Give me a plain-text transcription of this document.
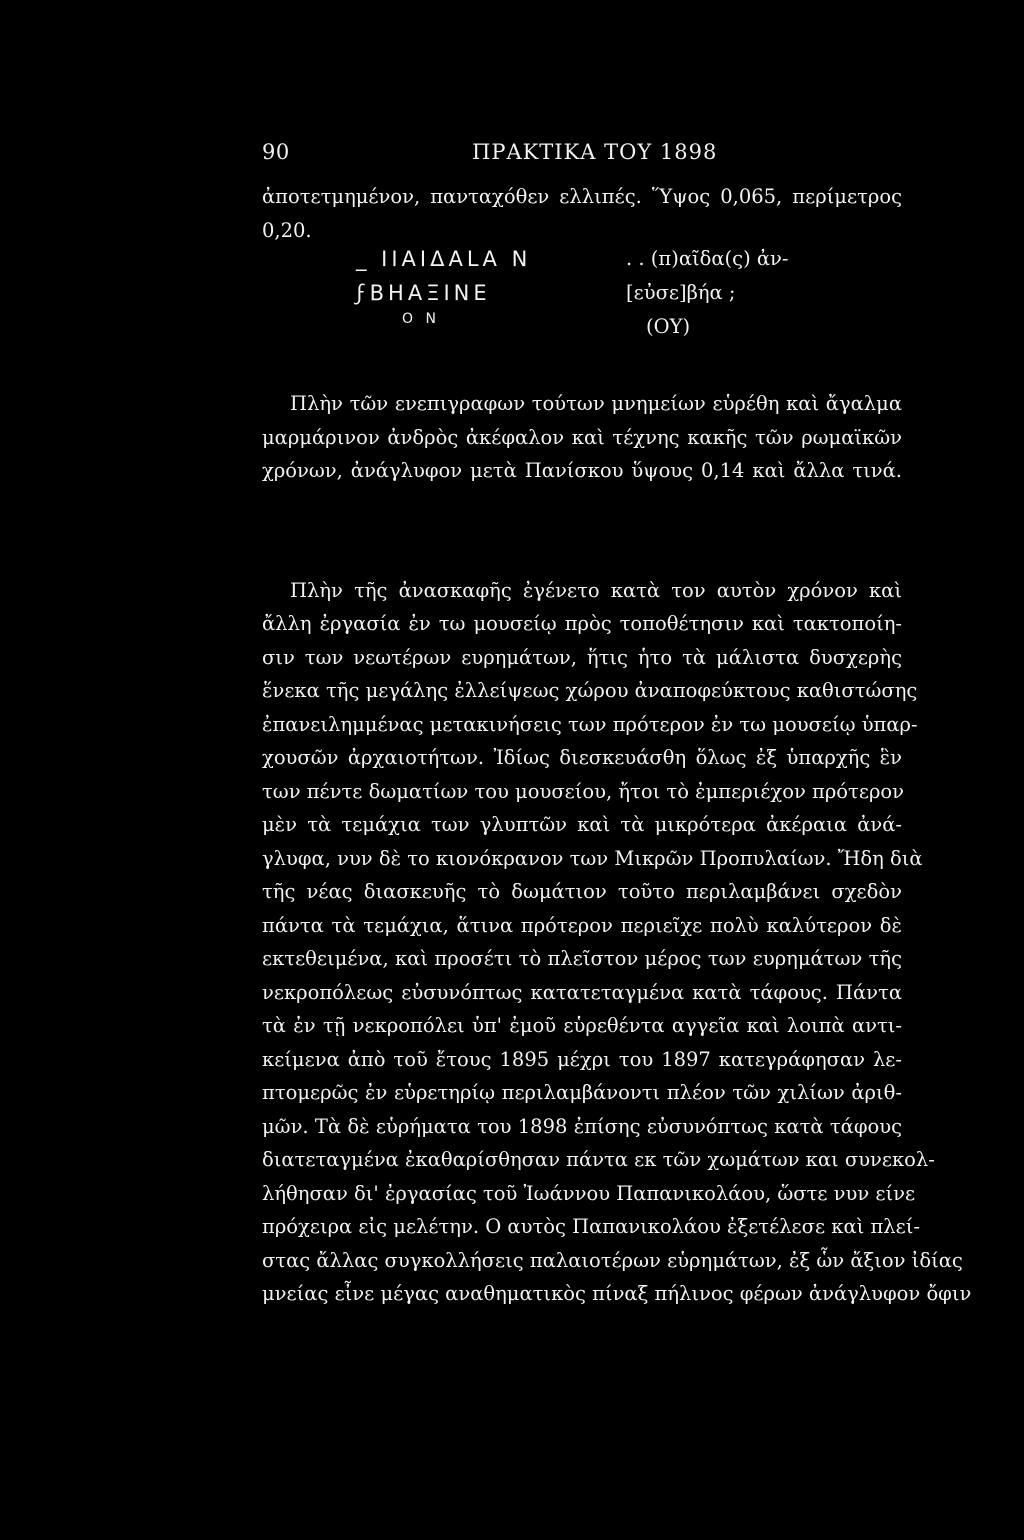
90	ΠΡΑΚΤΙΚΑ ΤΟΥ 1898
ἀποτετμημένον, πανταχόθεν ελλιπές. Ὕψος 0,065, περίμετρος
0,20.
_ ΙΙΑΙΔΑLΑ Ν
ϝΒΗΑΞΙΝΕ
Ο Ν
. . (π)αῖδα(ς) ἀν-
[εὐσε]βήα ;
(ΟΥ)
Πλὴν τῶν ενεπιγραφων τούτων μνημείων εὑρέθη καὶ ἄγαλμα
μαρμάρινον ἀνδρὸς ἀκέφαλον καὶ τέχνης κακῆς τῶν ρωμαϊκῶν
χρόνων, ἀνάγλυφον μετὰ Πανίσκου ὕψους 0,14 καὶ ἄλλα τινά.
Πλὴν τῆς ἀνασκαφῆς ἐγένετο κατὰ τον αυτὸν χρόνον καὶ
ἄλλη ἐργασία ἐν τω μουσείῳ πρὸς τοποθέτησιν καὶ τακτοποίη-
σιν των νεωτέρων ευρημάτων, ἥτις ἡτο τὰ μάλιστα δυσχερὴς
ἕνεκα τῆς μεγάλης ἐλλείψεως χώρου ἀναποφεύκτους καθιστώσης
ἐπανειλημμένας μετακινήσεις των πρότερον ἐν τω μουσείῳ ὑπαρ-
χουσῶν ἀρχαιοτήτων. Ἰδίως διεσκευάσθη ὅλως ἐξ ὑπαρχῆς ἓν
των πέντε δωματίων του μουσείου, ἤτοι τὸ ἐμπεριέχον πρότερον
μὲν τὰ τεμάχια των γλυπτῶν καὶ τὰ μικρότερα ἀκέραια ἀνά-
γλυφα, νυν δὲ το κιονόκρανον των Μικρῶν Προπυλαίων. Ἤδη διὰ
τῆς νέας διασκευῆς τὸ δωμάτιον τοῦτο περιλαμβάνει σχεδὸν
πάντα τὰ τεμάχια, ἅτινα πρότερον περιεῖχε πολὺ καλύτερον δὲ
εκτεθειμένα, καὶ προσέτι τὸ πλεῖστον μέρος των ευρημάτων τῆς
νεκροπόλεως εὐσυνόπτως κατατεταγμένα κατὰ τάφους. Πάντα
τὰ ἐν τῇ νεκροπόλει ὑπ' ἐμοῦ εὑρεθέντα αγγεῖα καὶ λοιπὰ αντι-
κείμενα ἀπὸ τοῦ ἔτους 1895 μέχρι του 1897 κατεγράφησαν λε-
πτομερῶς ἐν εὑρετηρίῳ περιλαμβάνοντι πλέον τῶν χιλίων ἀριθ-
μῶν. Τὰ δὲ εὑρήματα του 1898 ἐπίσης εὐσυνόπτως κατὰ τάφους
διατεταγμένα ἐκαθαρίσθησαν πάντα εκ τῶν χωμάτων και συνεκολ-
λήθησαν δι' ἐργασίας τοῦ Ἰωάννου Παπανικολάου, ὥστε νυν είνε
πρόχειρα εἰς μελέτην. Ο αυτὸς Παπανικολάου ἐξετέλεσε καὶ πλεί-
στας ἄλλας συγκολλήσεις παλαιοτέρων εὑρημάτων, ἐξ ὧν ἄξιον ἰδίας
μνείας εἶνε μέγας αναθηματικὸς πίναξ πήλινος φέρων ἀνάγλυφον ὄφιν
